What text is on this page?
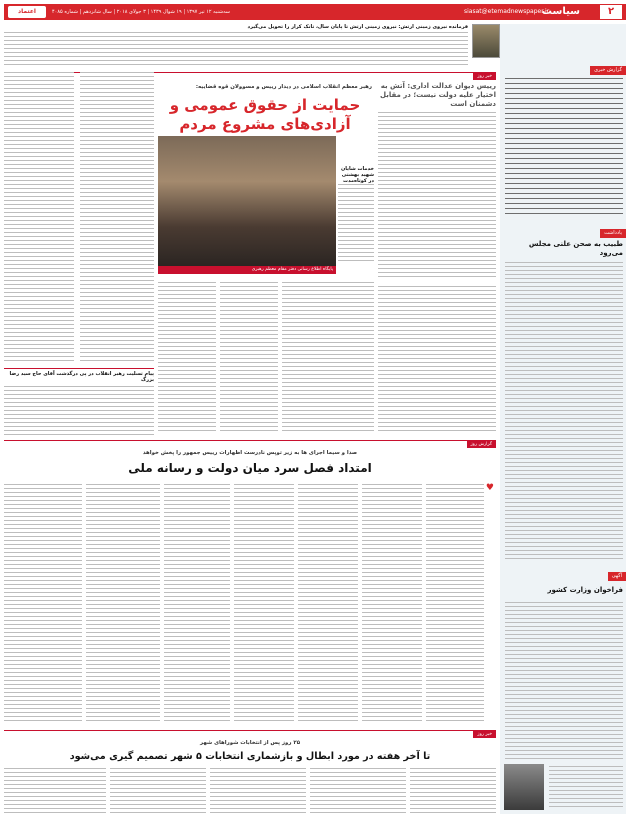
۲
سیاست
siasat@etemadnewspaper.ir
سه‌شنبه ۱۲ تیر ۱۳۹۷ | ۱۹ شوال ۱۴۳۹ | ۳ جولای ۲۰۱۸ | سال شانزدهم | شماره ۴۰۸۵
اعتماد
فرمانده نیروی زمینی ارتش: نیروی زمینی ارتش تا پایان سال، تانک کرار را تحویل می‌گیرد
گزارش خبری
یادداشت
طبیب به صحن علنی مجلس می‌رود
آگهی
فراخوان وزارت کشور
خبر روز
رییس دیوان عدالت اداری: آتش به اختیار علیه دولت نیست؛ در مقابل دشمنان است
رهبر معظم انقلاب اسلامی در دیدار رییس و مسوولان قوه قضاییه:
حمایت از حقوق عمومی و آزادی‌های مشروع مردم
پایگاه اطلاع رسانی دفتر مقام معظم رهبری
خدمات شایان شهید بهشتی در کوتاه‌مدت
پیام تسلیت رهبر انقلاب در پی درگذشت آقای حاج سید رضا بزرگ
گزارش روز
صدا و سیما اجرای ها به زیر توپس نادرست اظهارات رییس جمهور را پخش خواهد
امتداد فصل سرد میان دولت و رسانه ملی
♥
خبر روز
۲۵ روز پس از انتخابات شوراهای شهر
تا آخر هفته در مورد ابطال و بازشماری انتخابات ۵ شهر تصمیم گیری می‌شود
